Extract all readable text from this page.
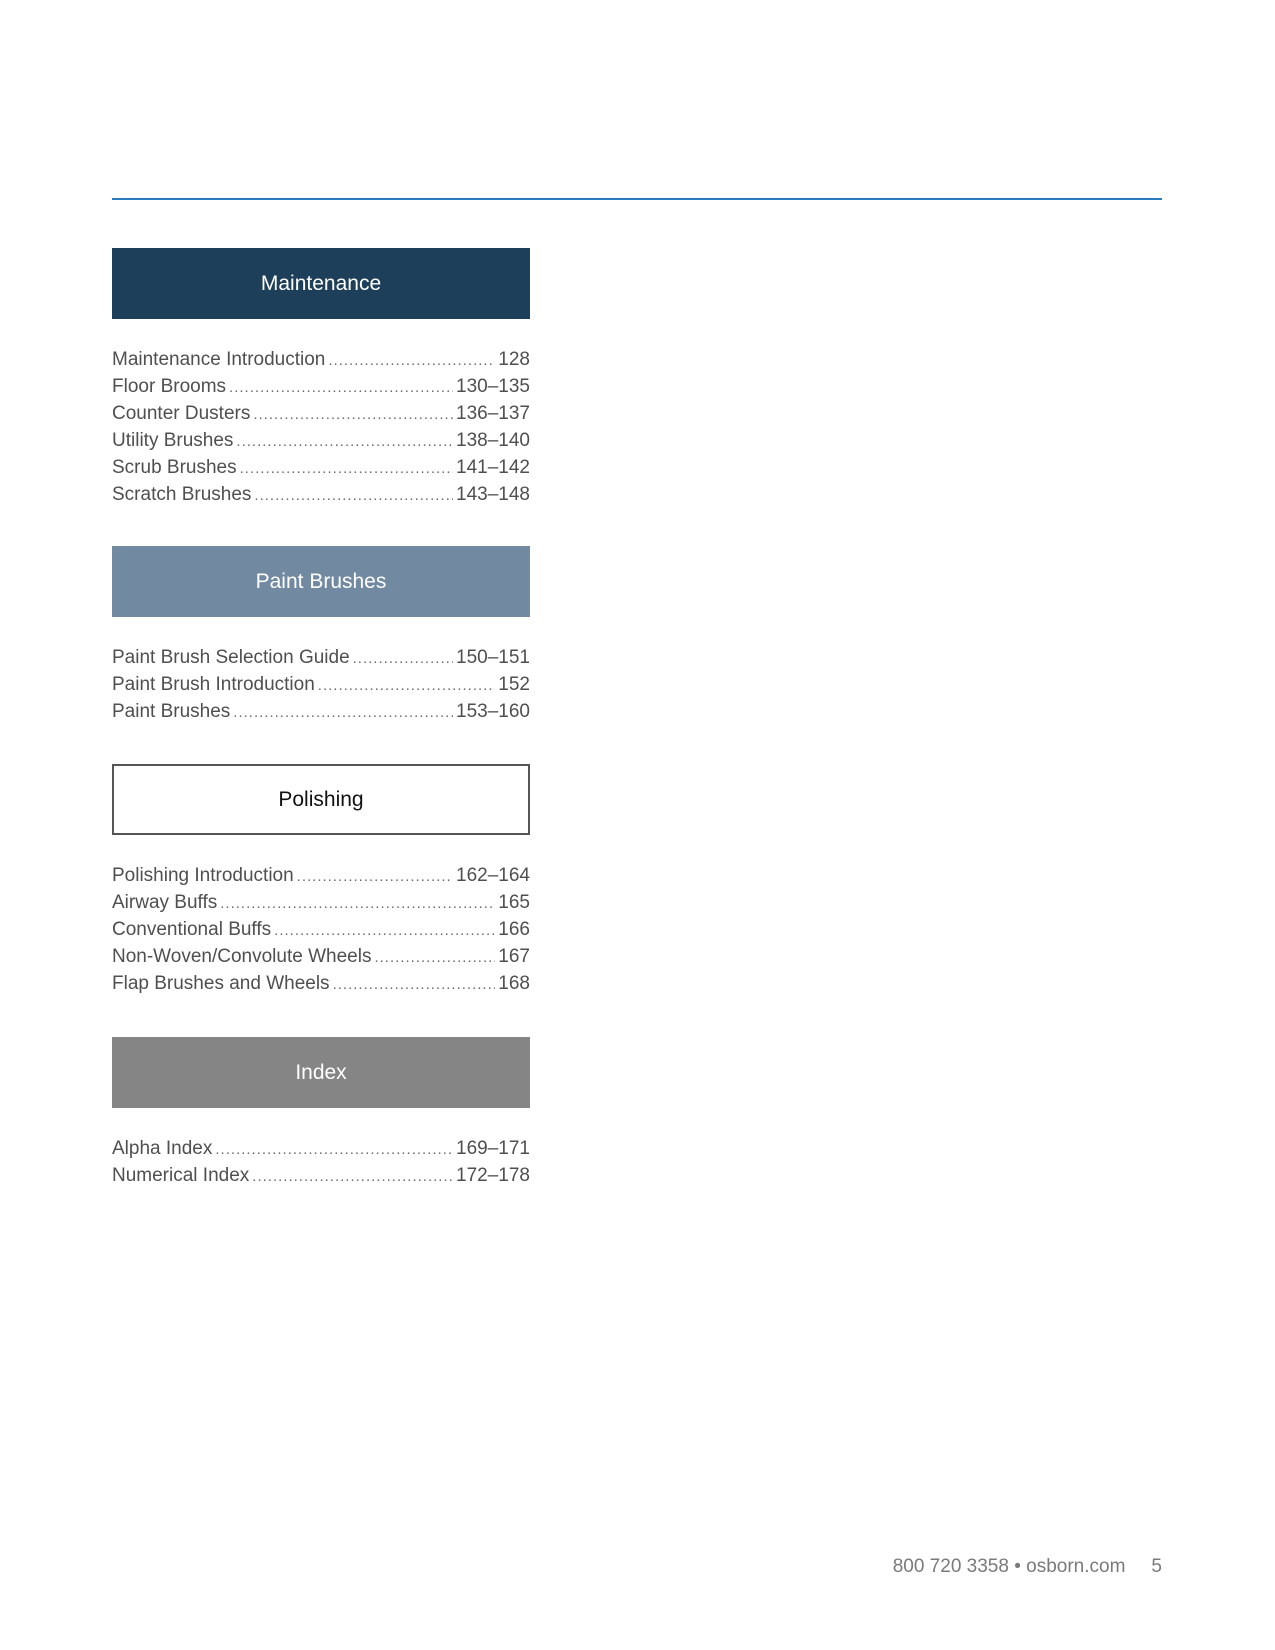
Maintenance
Maintenance Introduction .....	128
Floor Brooms .....	130–135
Counter Dusters .....	136–137
Utility Brushes .....	138–140
Scrub Brushes .....	141–142
Scratch Brushes .....	143–148
Paint Brushes
Paint Brush Selection Guide .....	150–151
Paint Brush Introduction .....	152
Paint Brushes .....	153–160
Polishing
Polishing Introduction .....	162–164
Airway Buffs .....	165
Conventional Buffs .....	166
Non-Woven/Convolute Wheels .....	167
Flap Brushes and Wheels .....	168
Index
Alpha Index .....	169–171
Numerical Index .....	172–178
800 720 3358 • osborn.com 5
